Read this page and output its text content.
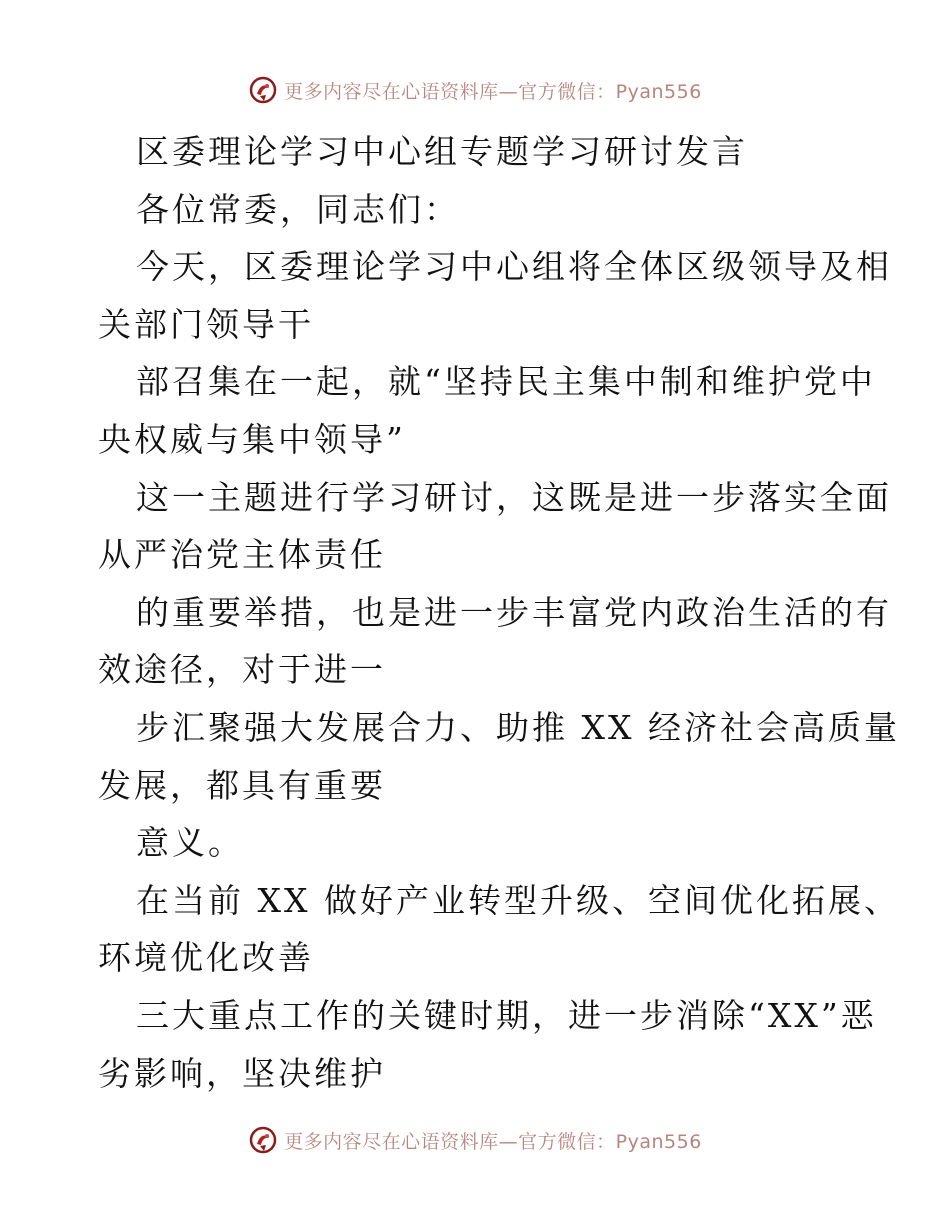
更多内容尽在心语资料库—官方微信：Pyan556
区委理论学习中心组专题学习研讨发言
各位常委，同志们：
今天，区委理论学习中心组将全体区级领导及相
关部门领导干
部召集在一起，就“坚持民主集中制和维护党中
央权威与集中领导”
这一主题进行学习研讨，这既是进一步落实全面
从严治党主体责任
的重要举措，也是进一步丰富党内政治生活的有
效途径，对于进一
步汇聚强大发展合力、助推 XX 经济社会高质量
发展，都具有重要
意义。
在当前 XX 做好产业转型升级、空间优化拓展、
环境优化改善
三大重点工作的关键时期，进一步消除“XX”恶
劣影响，坚决维护
更多内容尽在心语资料库—官方微信：Pyan556
